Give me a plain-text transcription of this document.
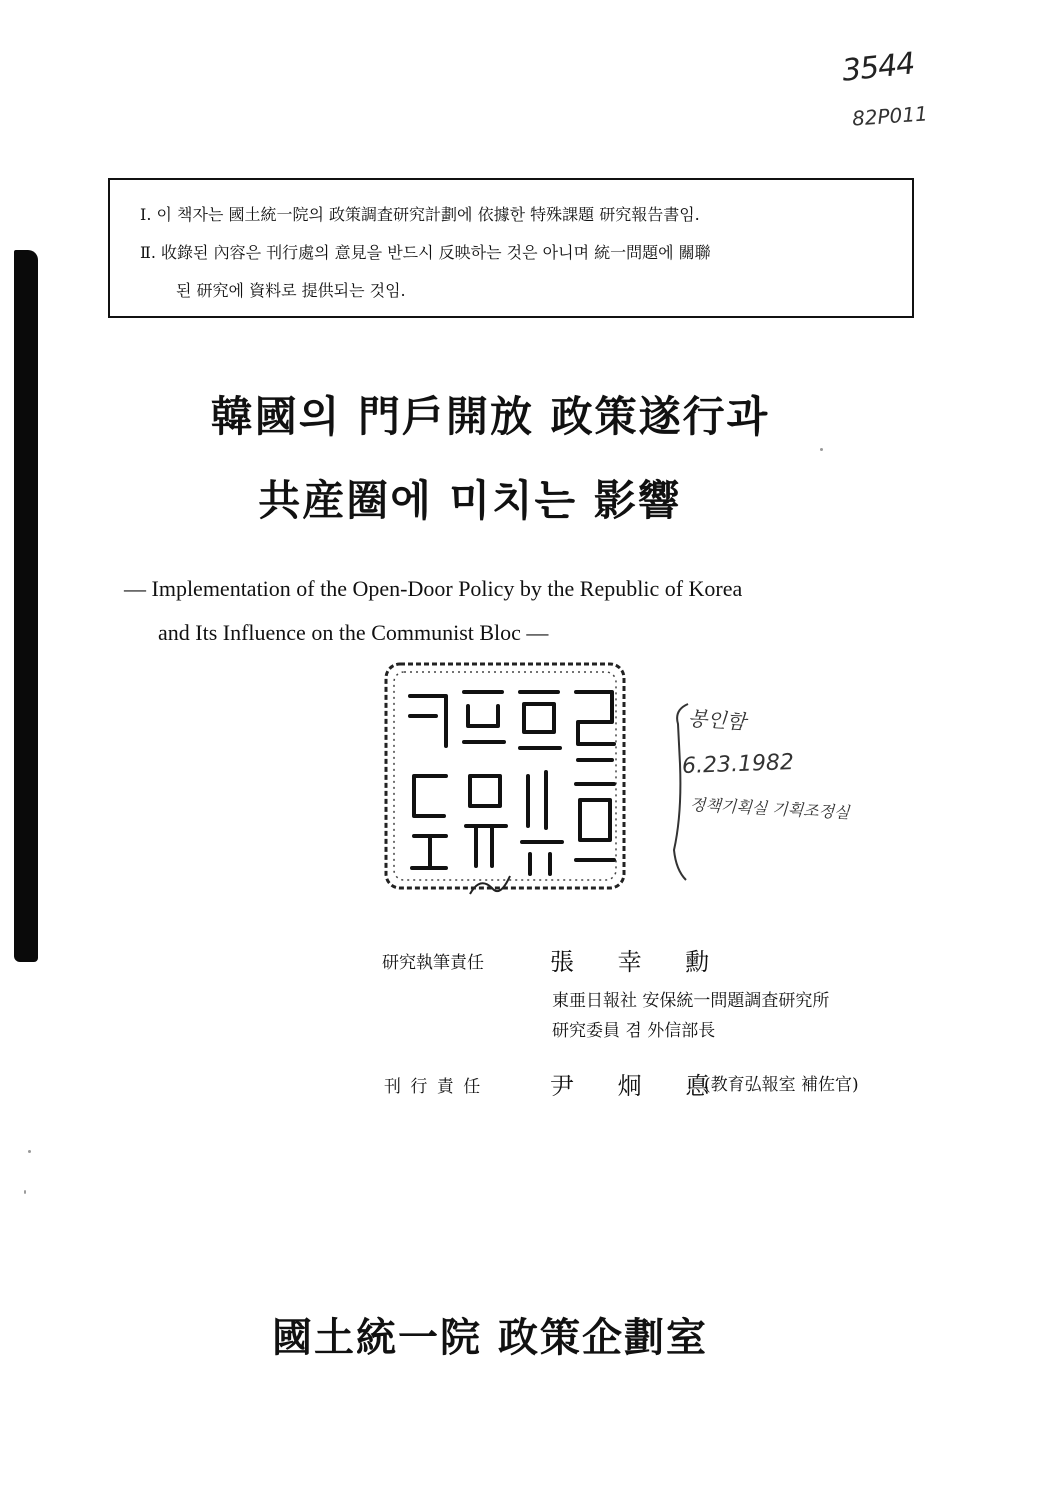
3544
82P011
Ⅰ. 이 책자는 國土統一院의 政策調査研究計劃에 依據한 特殊課題 研究報告書임.
Ⅱ. 收錄된 內容은 刊行處의 意見을 반드시 反映하는 것은 아니며 統一問題에 關聯
된 研究에 資料로 提供되는 것임.
韓國의 門戶開放 政策遂行과
共産圈에 미치는 影響
— Implementation of the Open-Door Policy by the Republic of Korea
and Its Influence on the Communist Bloc —
봉인함
6.23.1982
정책기획실 기획조정실
研究執筆責任	張 幸 勳
東亜日報社 安保統一問題調査研究所
研究委員 겸 外信部長
刊 行 責 任	尹 炯 悳
(教育弘報室 補佐官)
國土統一院 政策企劃室
